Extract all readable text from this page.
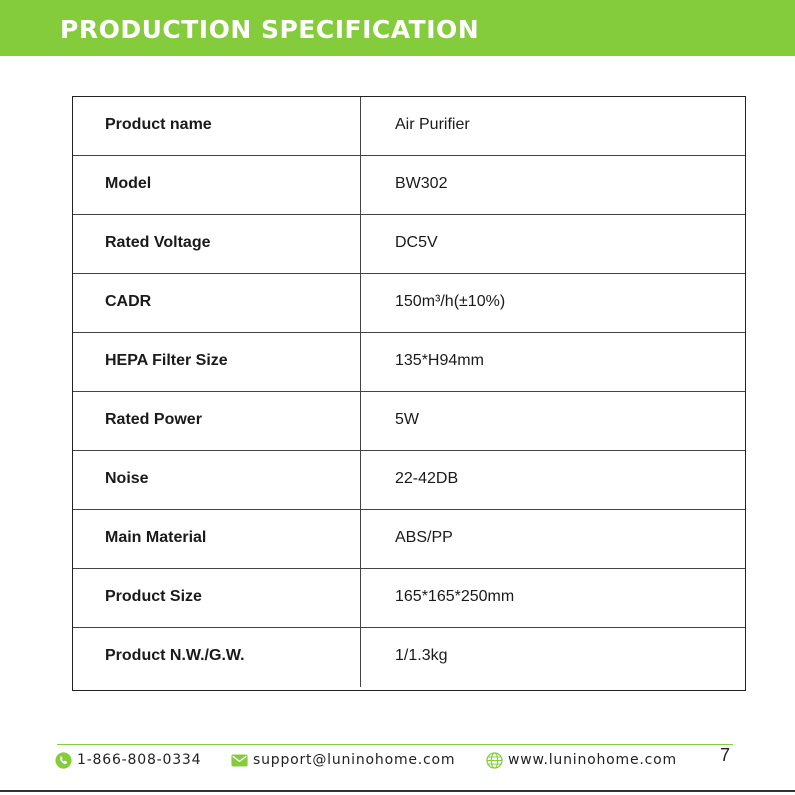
PRODUCTION SPECIFICATION
Product name	Air Purifier
Model	BW302
Rated Voltage	DC5V
CADR	150m³/h(±10%)
HEPA Filter Size	135*H94mm
Rated Power	5W
Noise	22-42DB
Main Material	ABS/PP
Product Size	165*165*250mm
Product N.W./G.W.	1/1.3kg
7
1-866-808-0334	support@luninohome.com	www.luninohome.com
